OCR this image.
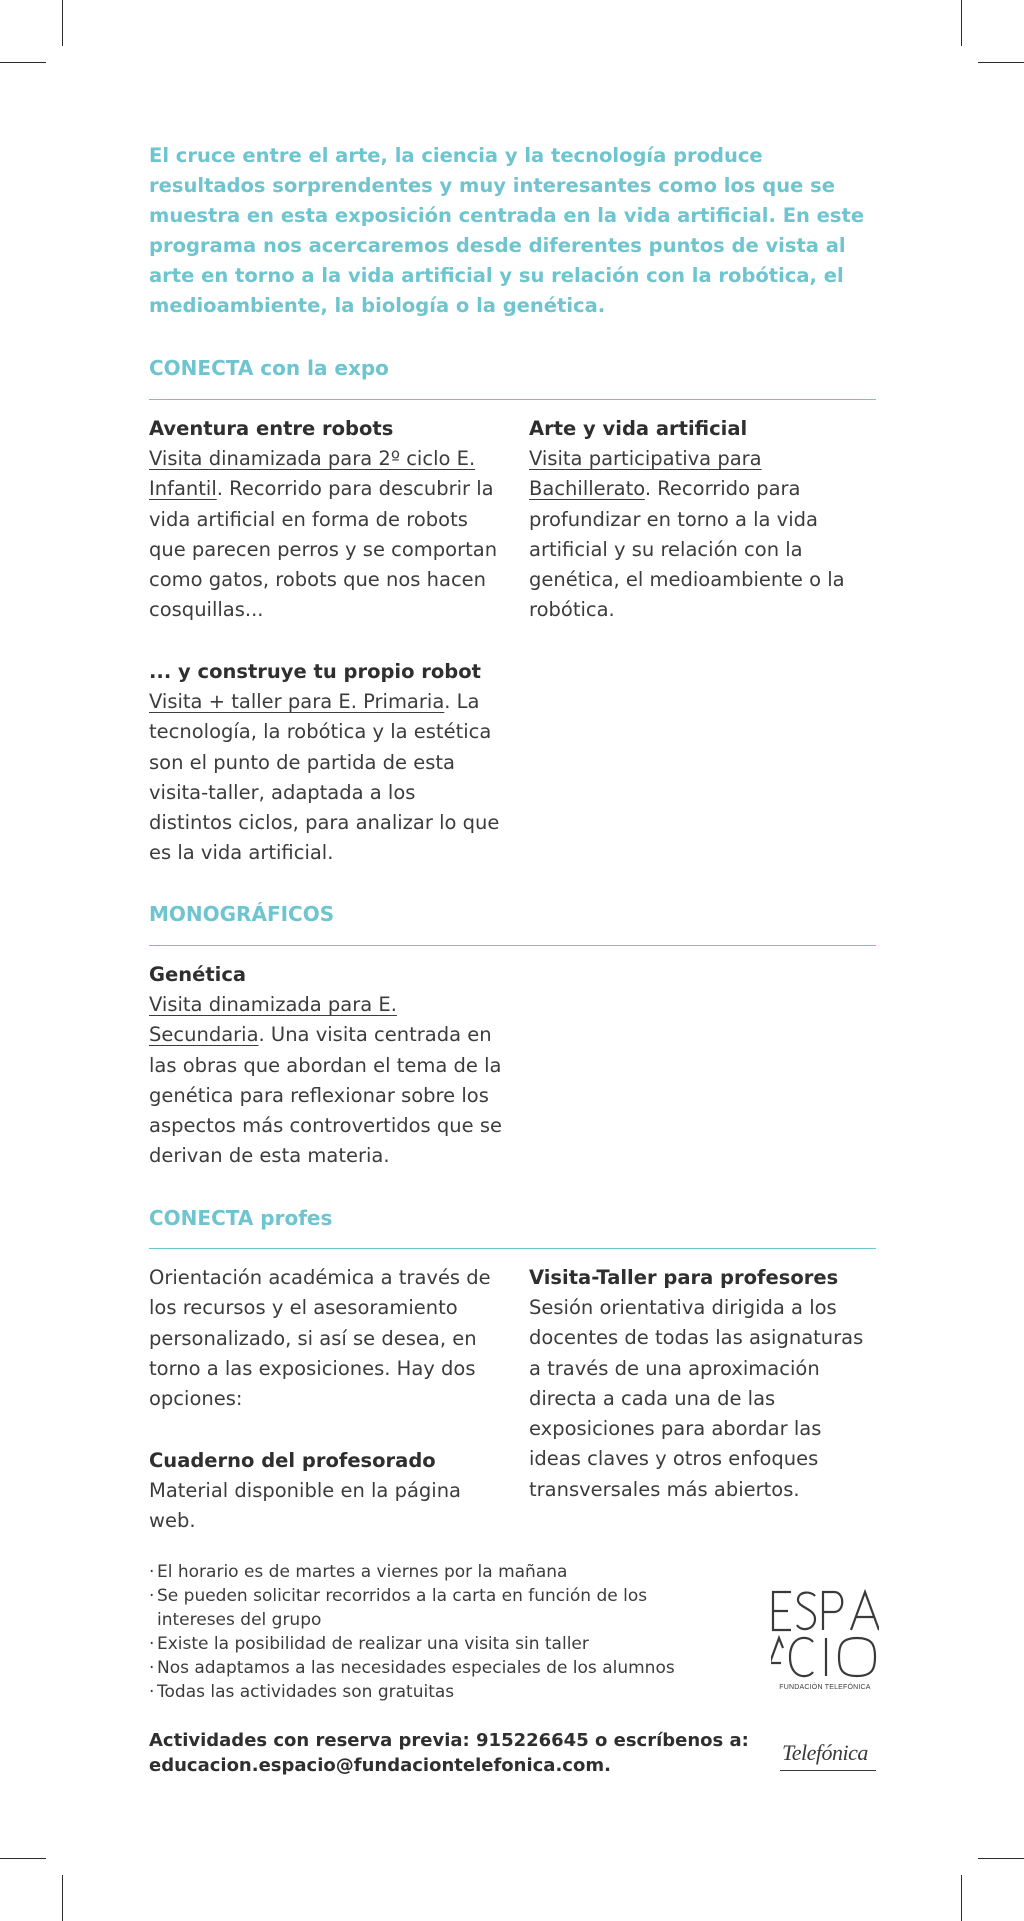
El cruce entre el arte, la ciencia y la tecnología produce resultados sorprendentes y muy interesantes como los que se muestra en esta exposición centrada en la vida artificial. En este programa nos acercaremos desde diferentes puntos de vista al arte en torno a la vida artificial y su relación con la robótica, el medioambiente, la biología o la genética.

CONECTA con la expo
Aventura entre robots

Visita dinamizada para 2º ciclo E. Infantil. Recorrido para descubrir la vida artificial en forma de robots que parecen perros y se comportan como gatos, robots que nos hacen cosquillas...

... y construye tu propio robot

Visita + taller para E. Primaria. La tecnología, la robótica y la estética son el punto de partida de esta visita-taller, adaptada a los distintos ciclos, para analizar lo que es la vida artificial.

Arte y vida artificial

Visita participativa para Bachillerato. Recorrido para profundizar en torno a la vida artificial y su relación con la genética, el medioambiente o la robótica.

MONOGRÁFICOS
Genética

Visita dinamizada para E. Secundaria. Una visita centrada en las obras que abordan el tema de la genética para reflexionar sobre los aspectos más controvertidos que se derivan de esta materia.

CONECTA profes

Orientación académica a través de los recursos y el asesoramiento personalizado, si así se desea, en torno a las exposiciones. Hay dos opciones:

Cuaderno del profesorado

Material disponible en la página web.

Visita-Taller para profesores

Sesión orientativa dirigida a los docentes de todas las asignaturas a través de una aproximación directa a cada una de las exposiciones para abordar las ideas claves y otros enfoques transversales más abiertos.

· El horario es de martes a viernes por la mañana
· Se pueden solicitar recorridos a la carta en función de los intereses del grupo
· Existe la posibilidad de realizar una visita sin taller
· Nos adaptamos a las necesidades especiales de los alumnos
· Todas las actividades son gratuitas

Actividades con reserva previa: 915226645 o escríbenos a: educacion.espacio@fundaciontelefonica.com.

FUNDACIÓN TELEFÓNICA
Telefónica
